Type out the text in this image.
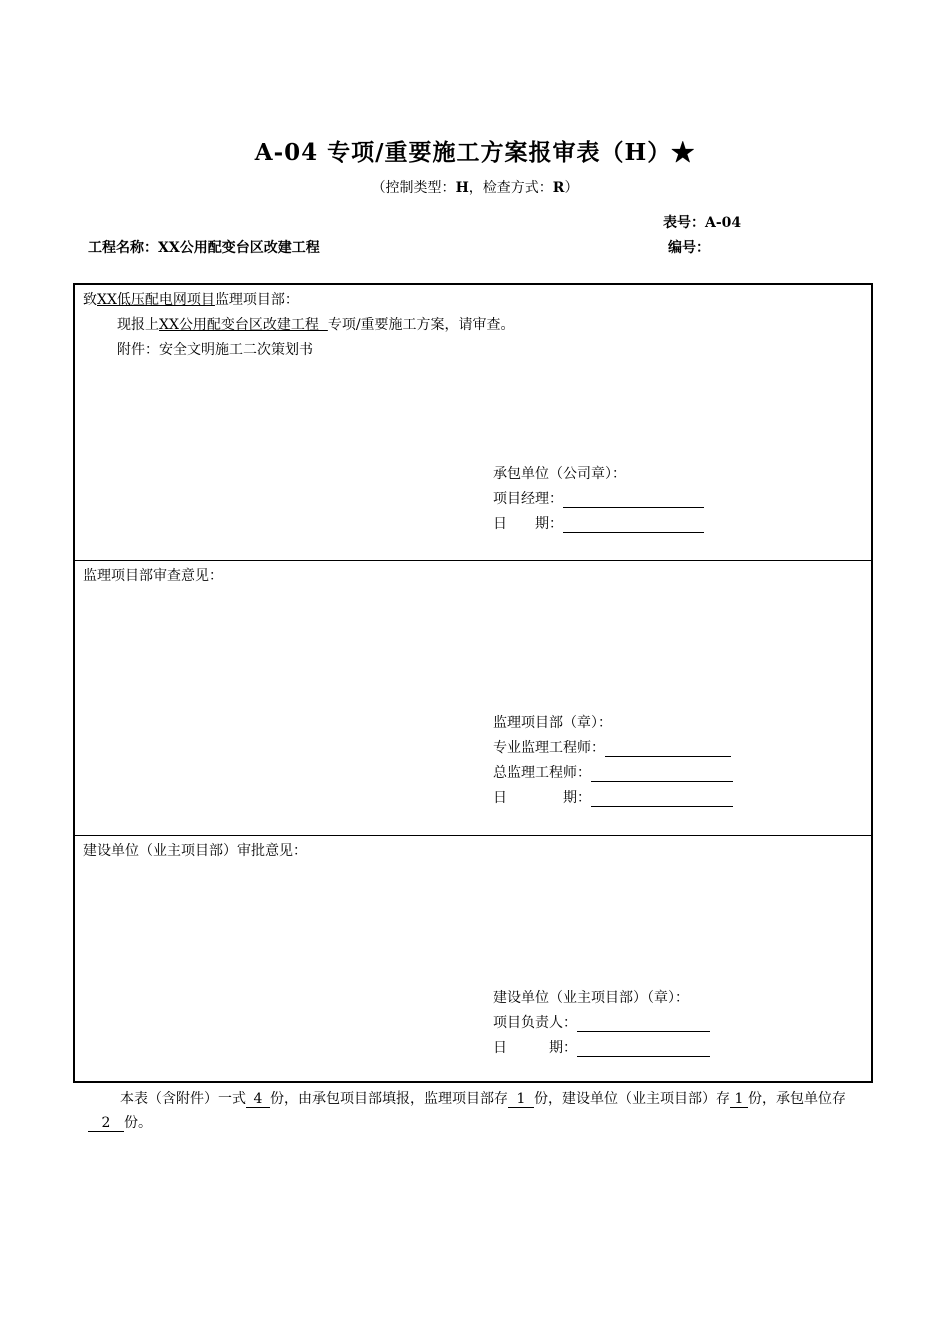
A-04 专项/重要施工方案报审表（H）★
（控制类型：H，检查方式：R）
表号：A-04
工程名称：XX公用配变台区改建工程	编号：
致XX低压配电网项目监理项目部：
现报上XX公用配变台区改建工程  专项/重要施工方案，请审查。
附件：安全文明施工二次策划书
承包单位（公司章）：
项目经理：
日　　期：
监理项目部审查意见：
监理项目部（章）：
专业监理工程师：
总监理工程师：
日　　　　期：
建设单位（业主项目部）审批意见：
建设单位（业主项目部）（章）：
项目负责人：
日　　　期：
本表（含附件）一式 4 份，由承包项目部填报，监理项目部存 1 份，建设单位（业主项目部）存 1 份，承包单位存2 份。
